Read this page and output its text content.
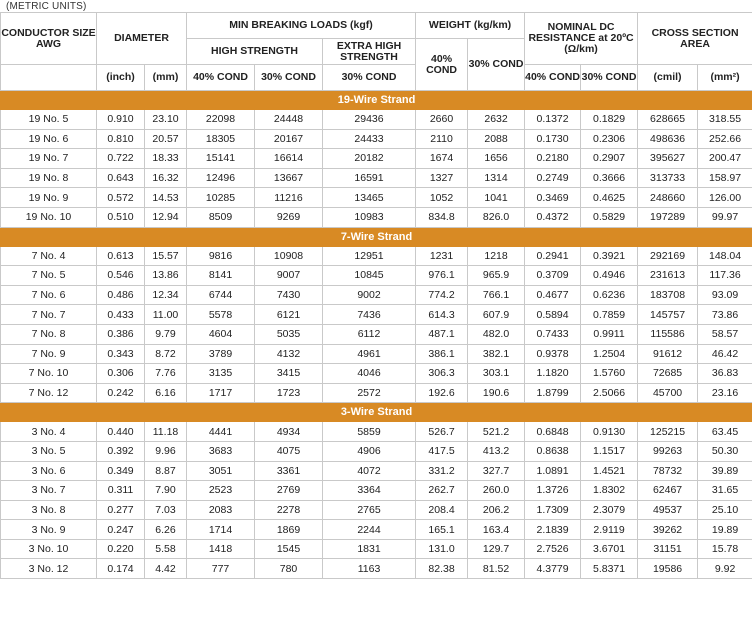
(METRIC UNITS)
CONDUCTOR SIZE AWG	DIAMETER		MIN BREAKING LOADS (kgf)			WEIGHT (kg/km)		NOMINAL DC RESISTANCE at 20ºC (Ω/km)		CROSS SECTION AREA	
			HIGH STRENGTH		EXTRA HIGH STRENGTH	40% COND	30% COND				
	(inch)	(mm)	40% COND	30% COND	30% COND			40% COND	30% COND	(cmil)	(mm²)
19-Wire Strand											
19 No. 5	0.910	23.10	22098	24448	29436	2660	2632	0.1372	0.1829	628665	318.55
19 No. 6	0.810	20.57	18305	20167	24433	2110	2088	0.1730	0.2306	498636	252.66
19 No. 7	0.722	18.33	15141	16614	20182	1674	1656	0.2180	0.2907	395627	200.47
19 No. 8	0.643	16.32	12496	13667	16591	1327	1314	0.2749	0.3666	313733	158.97
19 No. 9	0.572	14.53	10285	11216	13465	1052	1041	0.3469	0.4625	248660	126.00
19 No. 10	0.510	12.94	8509	9269	10983	834.8	826.0	0.4372	0.5829	197289	99.97
7-Wire Strand											
7 No. 4	0.613	15.57	9816	10908	12951	1231	1218	0.2941	0.3921	292169	148.04
7 No. 5	0.546	13.86	8141	9007	10845	976.1	965.9	0.3709	0.4946	231613	117.36
7 No. 6	0.486	12.34	6744	7430	9002	774.2	766.1	0.4677	0.6236	183708	93.09
7 No. 7	0.433	11.00	5578	6121	7436	614.3	607.9	0.5894	0.7859	145757	73.86
7 No. 8	0.386	9.79	4604	5035	6112	487.1	482.0	0.7433	0.9911	115586	58.57
7 No. 9	0.343	8.72	3789	4132	4961	386.1	382.1	0.9378	1.2504	91612	46.42
7 No. 10	0.306	7.76	3135	3415	4046	306.3	303.1	1.1820	1.5760	72685	36.83
7 No. 12	0.242	6.16	1717	1723	2572	192.6	190.6	1.8799	2.5066	45700	23.16
3-Wire Strand											
3 No. 4	0.440	11.18	4441	4934	5859	526.7	521.2	0.6848	0.9130	125215	63.45
3 No. 5	0.392	9.96	3683	4075	4906	417.5	413.2	0.8638	1.1517	99263	50.30
3 No. 6	0.349	8.87	3051	3361	4072	331.2	327.7	1.0891	1.4521	78732	39.89
3 No. 7	0.311	7.90	2523	2769	3364	262.7	260.0	1.3726	1.8302	62467	31.65
3 No. 8	0.277	7.03	2083	2278	2765	208.4	206.2	1.7309	2.3079	49537	25.10
3 No. 9	0.247	6.26	1714	1869	2244	165.1	163.4	2.1839	2.9119	39262	19.89
3 No. 10	0.220	5.58	1418	1545	1831	131.0	129.7	2.7526	3.6701	31151	15.78
3 No. 12	0.174	4.42	777	780	1163	82.38	81.52	4.3779	5.8371	19586	9.92
